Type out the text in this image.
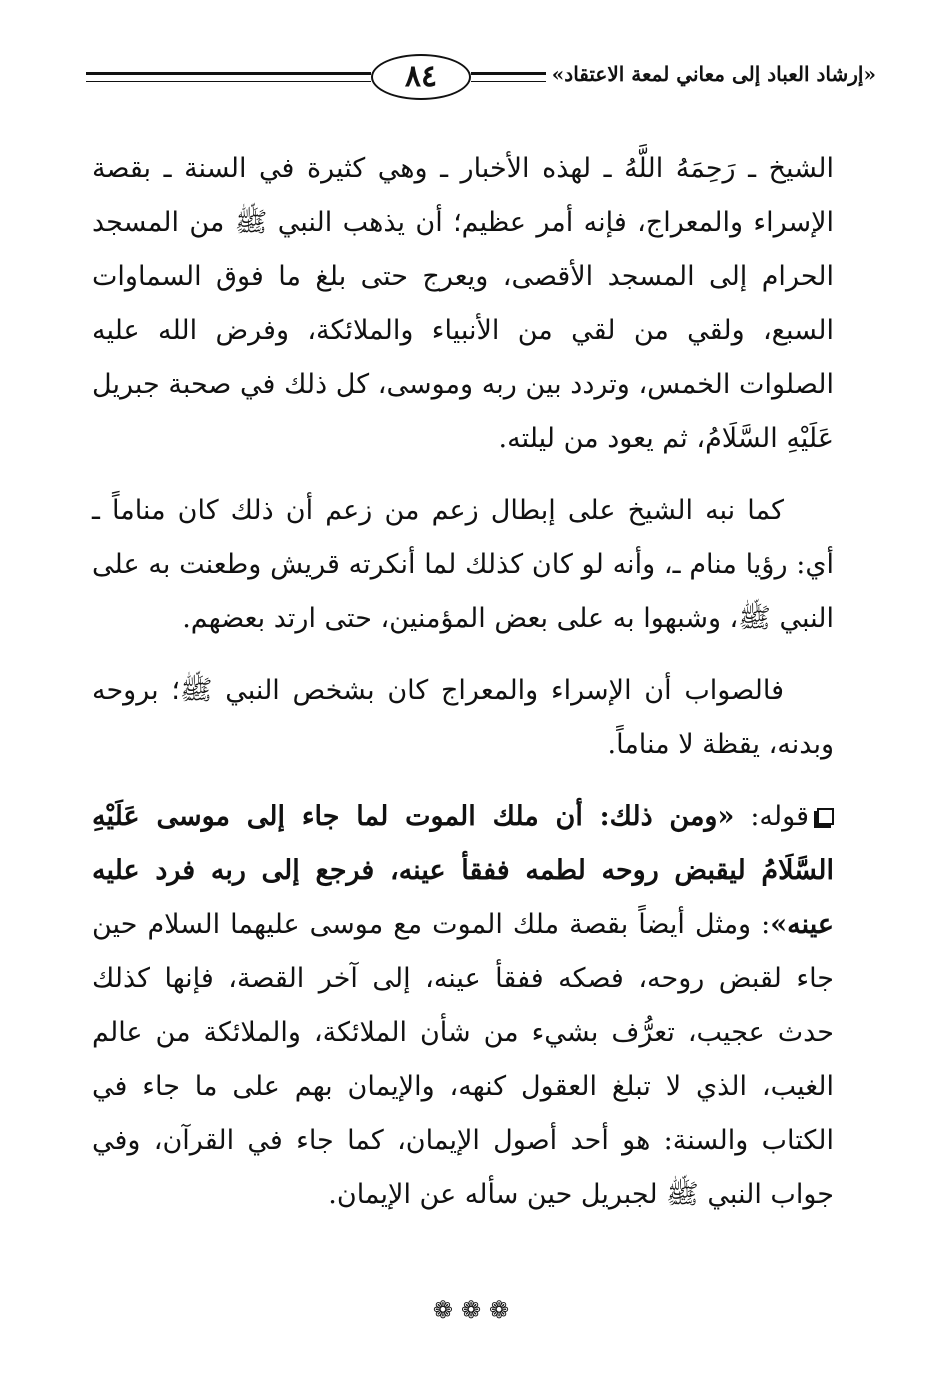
٨٤	«إرشاد العباد إلى معاني لمعة الاعتقاد»

الشيخ ـ رَحِمَهُ اللَّهُ ـ لهذه الأخبار ـ وهي كثيرة في السنة ـ بقصة الإسراء والمعراج، فإنه أمر عظيم؛ أن يذهب النبي ﷺ من المسجد الحرام إلى المسجد الأقصى، ويعرج حتى بلغ ما فوق السماوات السبع، ولقي من لقي من الأنبياء والملائكة، وفرض الله عليه الصلوات الخمس، وتردد بين ربه وموسى، كل ذلك في صحبة جبريل عَلَيْهِ السَّلَامُ، ثم يعود من ليلته.

كما نبه الشيخ على إبطال زعم من زعم أن ذلك كان مناماً ـ أي: رؤيا منام ـ، وأنه لو كان كذلك لما أنكرته قريش وطعنت به على النبي ﷺ، وشبهوا به على بعض المؤمنين، حتى ارتد بعضهم.

فالصواب أن الإسراء والمعراج كان بشخص النبي ﷺ؛ بروحه وبدنه، يقظة لا مناماً.

قوله: «ومن ذلك: أن ملك الموت لما جاء إلى موسى عَلَيْهِ السَّلَامُ ليقبض روحه لطمه ففقأ عينه، فرجع إلى ربه فرد عليه عينه»: ومثل أيضاً بقصة ملك الموت مع موسى عليهما السلام حين جاء لقبض روحه، فصكه ففقأ عينه، إلى آخر القصة، فإنها كذلك حدث عجيب، تعرُّف بشيء من شأن الملائكة، والملائكة من عالم الغيب، الذي لا تبلغ العقول كنهه، والإيمان بهم على ما جاء في الكتاب والسنة: هو أحد أصول الإيمان، كما جاء في القرآن، وفي جواب النبي ﷺ لجبريل حين سأله عن الإيمان.

❁❁❁
